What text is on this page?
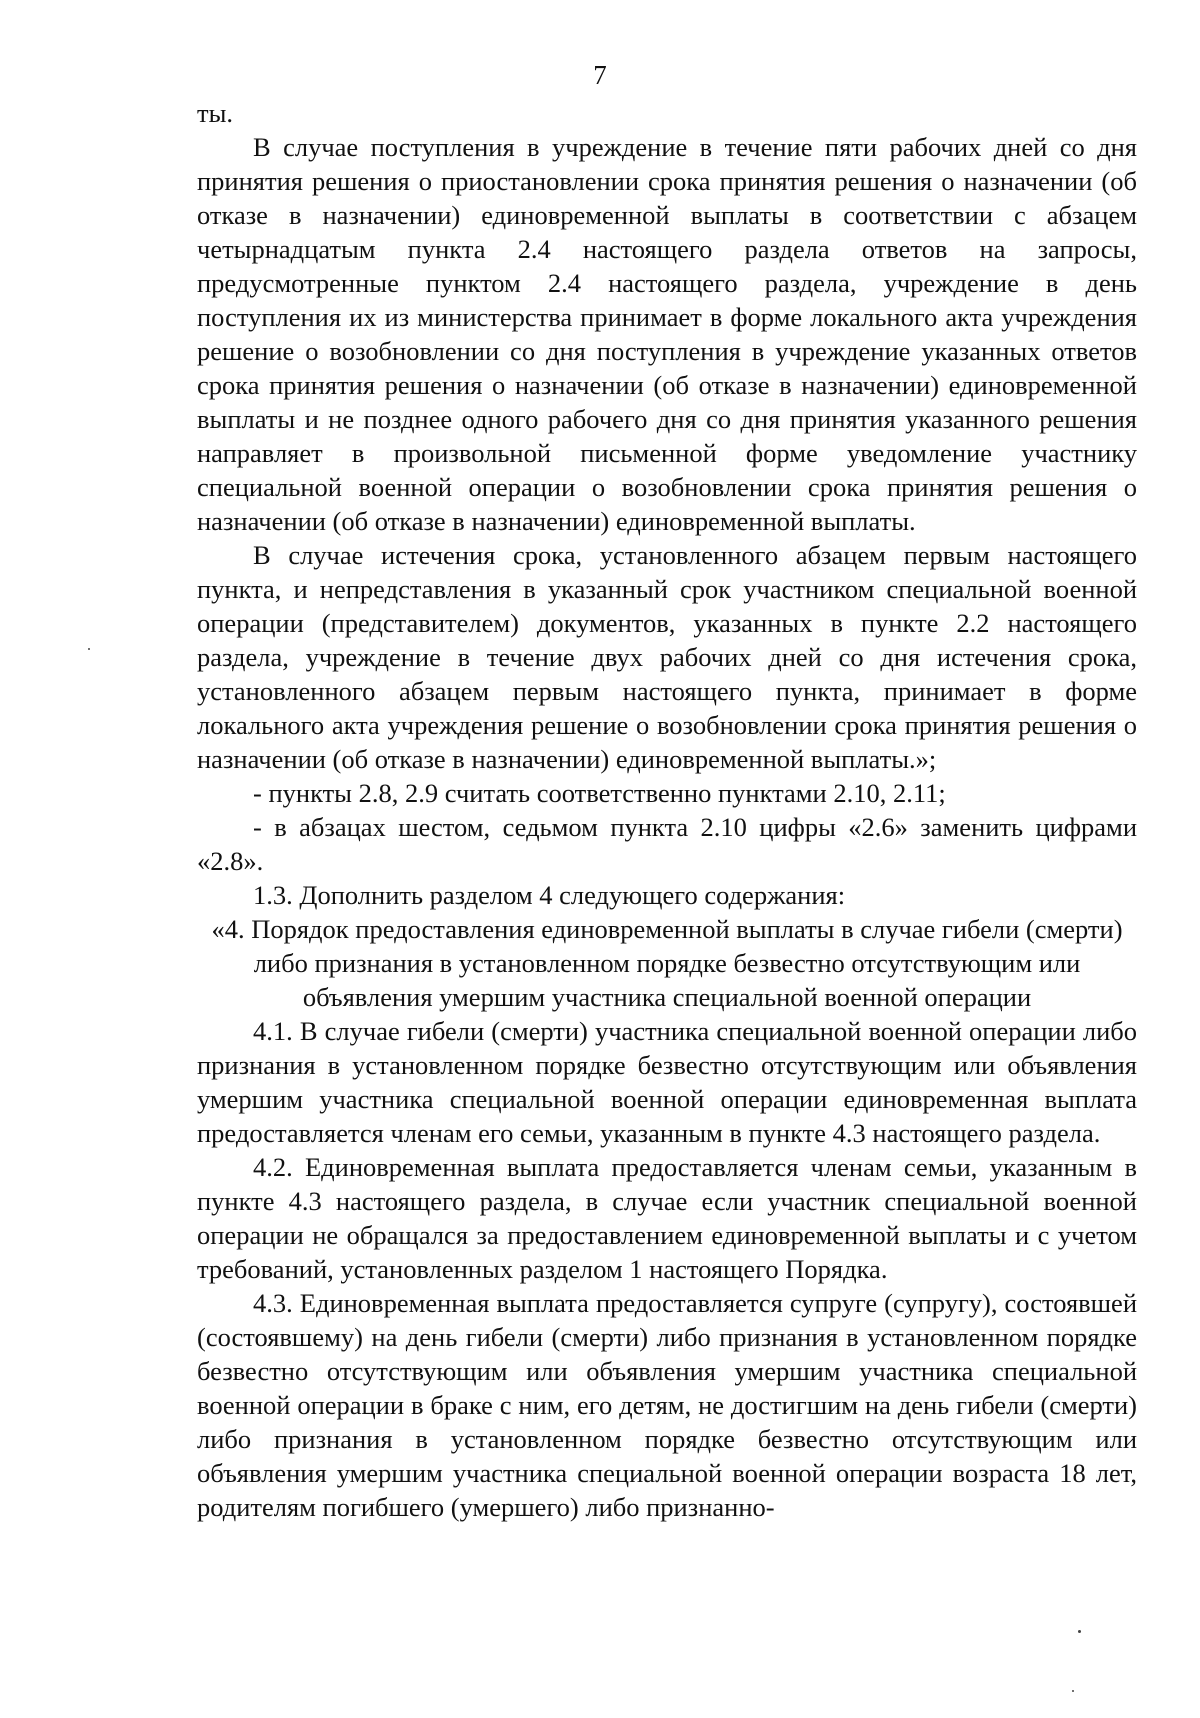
7

ты.

В случае поступления в учреждение в течение пяти рабочих дней со дня принятия решения о приостановлении срока принятия решения о назначении (об отказе в назначении) единовременной выплаты в соответствии с абзацем четырнадцатым пункта 2.4 настоящего раздела ответов на запросы, предусмотренные пунктом 2.4 настоящего раздела, учреждение в день поступления их из министерства принимает в форме локального акта учреждения решение о возобновлении со дня поступления в учреждение указанных ответов срока принятия решения о назначении (об отказе в назначении) единовременной выплаты и не позднее одного рабочего дня со дня принятия указанного решения направляет в произвольной письменной форме уведомление участнику специальной военной операции о возобновлении срока принятия решения о назначении (об отказе в назначении) единовременной выплаты.

В случае истечения срока, установленного абзацем первым настоящего пункта, и непредставления в указанный срок участником специальной военной операции (представителем) документов, указанных в пункте 2.2 настоящего раздела, учреждение в течение двух рабочих дней со дня истечения срока, установленного абзацем первым настоящего пункта, принимает в форме локального акта учреждения решение о возобновлении срока принятия решения о назначении (об отказе в назначении) единовременной выплаты.»;

- пункты 2.8, 2.9 считать соответственно пунктами 2.10, 2.11;

- в абзацах шестом, седьмом пункта 2.10 цифры «2.6» заменить цифрами «2.8».

1.3. Дополнить разделом 4 следующего содержания:

«4. Порядок предоставления единовременной выплаты в случае гибели (смерти) либо признания в установленном порядке безвестно отсутствующим или объявления умершим участника специальной военной операции

4.1. В случае гибели (смерти) участника специальной военной операции либо признания в установленном порядке безвестно отсутствующим или объявления умершим участника специальной военной операции единовременная выплата предоставляется членам его семьи, указанным в пункте 4.3 настоящего раздела.

4.2. Единовременная выплата предоставляется членам семьи, указанным в пункте 4.3 настоящего раздела, в случае если участник специальной военной операции не обращался за предоставлением единовременной выплаты и с учетом требований, установленных разделом 1 настоящего Порядка.

4.3. Единовременная выплата предоставляется супруге (супругу), состоявшей (состоявшему) на день гибели (смерти) либо признания в установленном порядке безвестно отсутствующим или объявления умершим участника специальной военной операции в браке с ним, его детям, не достигшим на день гибели (смерти) либо признания в установленном порядке безвестно отсутствующим или объявления умершим участника специальной военной операции возраста 18 лет, родителям погибшего (умершего) либо признанно-
